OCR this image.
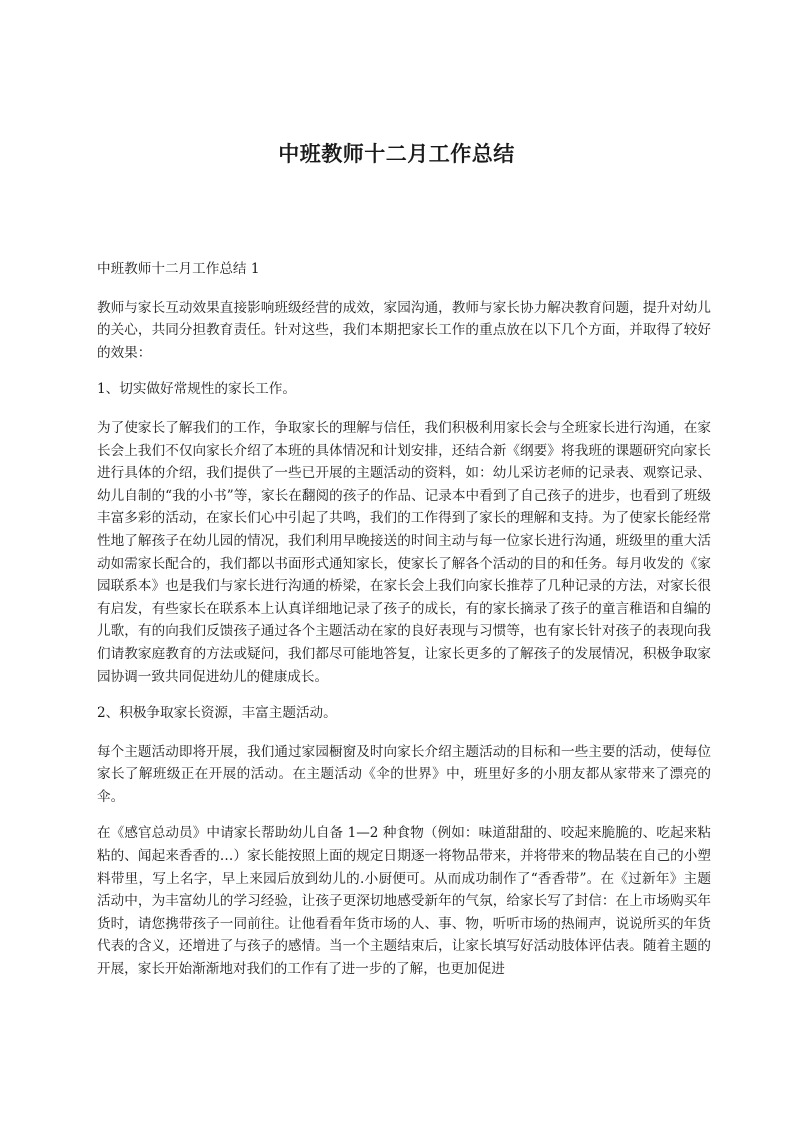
中班教师十二月工作总结

中班教师十二月工作总结 1

教师与家长互动效果直接影响班级经营的成效，家园沟通，教师与家长协力解决教育问题，提升对幼儿的关心，共同分担教育责任。针对这些，我们本期把家长工作的重点放在以下几个方面，并取得了较好的效果：

1、切实做好常规性的家长工作。

为了使家长了解我们的工作，争取家长的理解与信任，我们积极利用家长会与全班家长进行沟通，在家长会上我们不仅向家长介绍了本班的具体情况和计划安排，还结合新《纲要》将我班的课题研究向家长进行具体的介绍，我们提供了一些已开展的主题活动的资料，如：幼儿采访老师的记录表、观察记录、幼儿自制的“我的小书”等，家长在翻阅的孩子的作品、记录本中看到了自己孩子的进步，也看到了班级丰富多彩的活动，在家长们心中引起了共鸣，我们的工作得到了家长的理解和支持。为了使家长能经常性地了解孩子在幼儿园的情况，我们利用早晚接送的时间主动与每一位家长进行沟通，班级里的重大活动如需家长配合的，我们都以书面形式通知家长，使家长了解各个活动的目的和任务。每月收发的《家园联系本》也是我们与家长进行沟通的桥梁，在家长会上我们向家长推荐了几种记录的方法，对家长很有启发，有些家长在联系本上认真详细地记录了孩子的成长，有的家长摘录了孩子的童言稚语和自编的儿歌，有的向我们反馈孩子通过各个主题活动在家的良好表现与习惯等，也有家长针对孩子的表现向我们请教家庭教育的方法或疑问，我们都尽可能地答复，让家长更多的了解孩子的发展情况，积极争取家园协调一致共同促进幼儿的健康成长。

2、积极争取家长资源，丰富主题活动。

每个主题活动即将开展，我们通过家园橱窗及时向家长介绍主题活动的目标和一些主要的活动，使每位家长了解班级正在开展的活动。在主题活动《伞的世界》中，班里好多的小朋友都从家带来了漂亮的伞。

在《感官总动员》中请家长帮助幼儿自备 1—2 种食物（例如：味道甜甜的、咬起来脆脆的、吃起来粘粘的、闻起来香香的…）家长能按照上面的规定日期逐一将物品带来，并将带来的物品装在自己的小塑料带里，写上名字，早上来园后放到幼儿的.小厨便可。从而成功制作了“香香带”。在《过新年》主题活动中，为丰富幼儿的学习经验，让孩子更深切地感受新年的气氛，给家长写了封信：在上市场购买年货时，请您携带孩子一同前往。让他看看年货市场的人、事、物，听听市场的热闹声，说说所买的年货代表的含义，还增进了与孩子的感情。当一个主题结束后，让家长填写好活动肢体评估表。随着主题的开展，家长开始渐渐地对我们的工作有了进一步的了解，也更加促进
